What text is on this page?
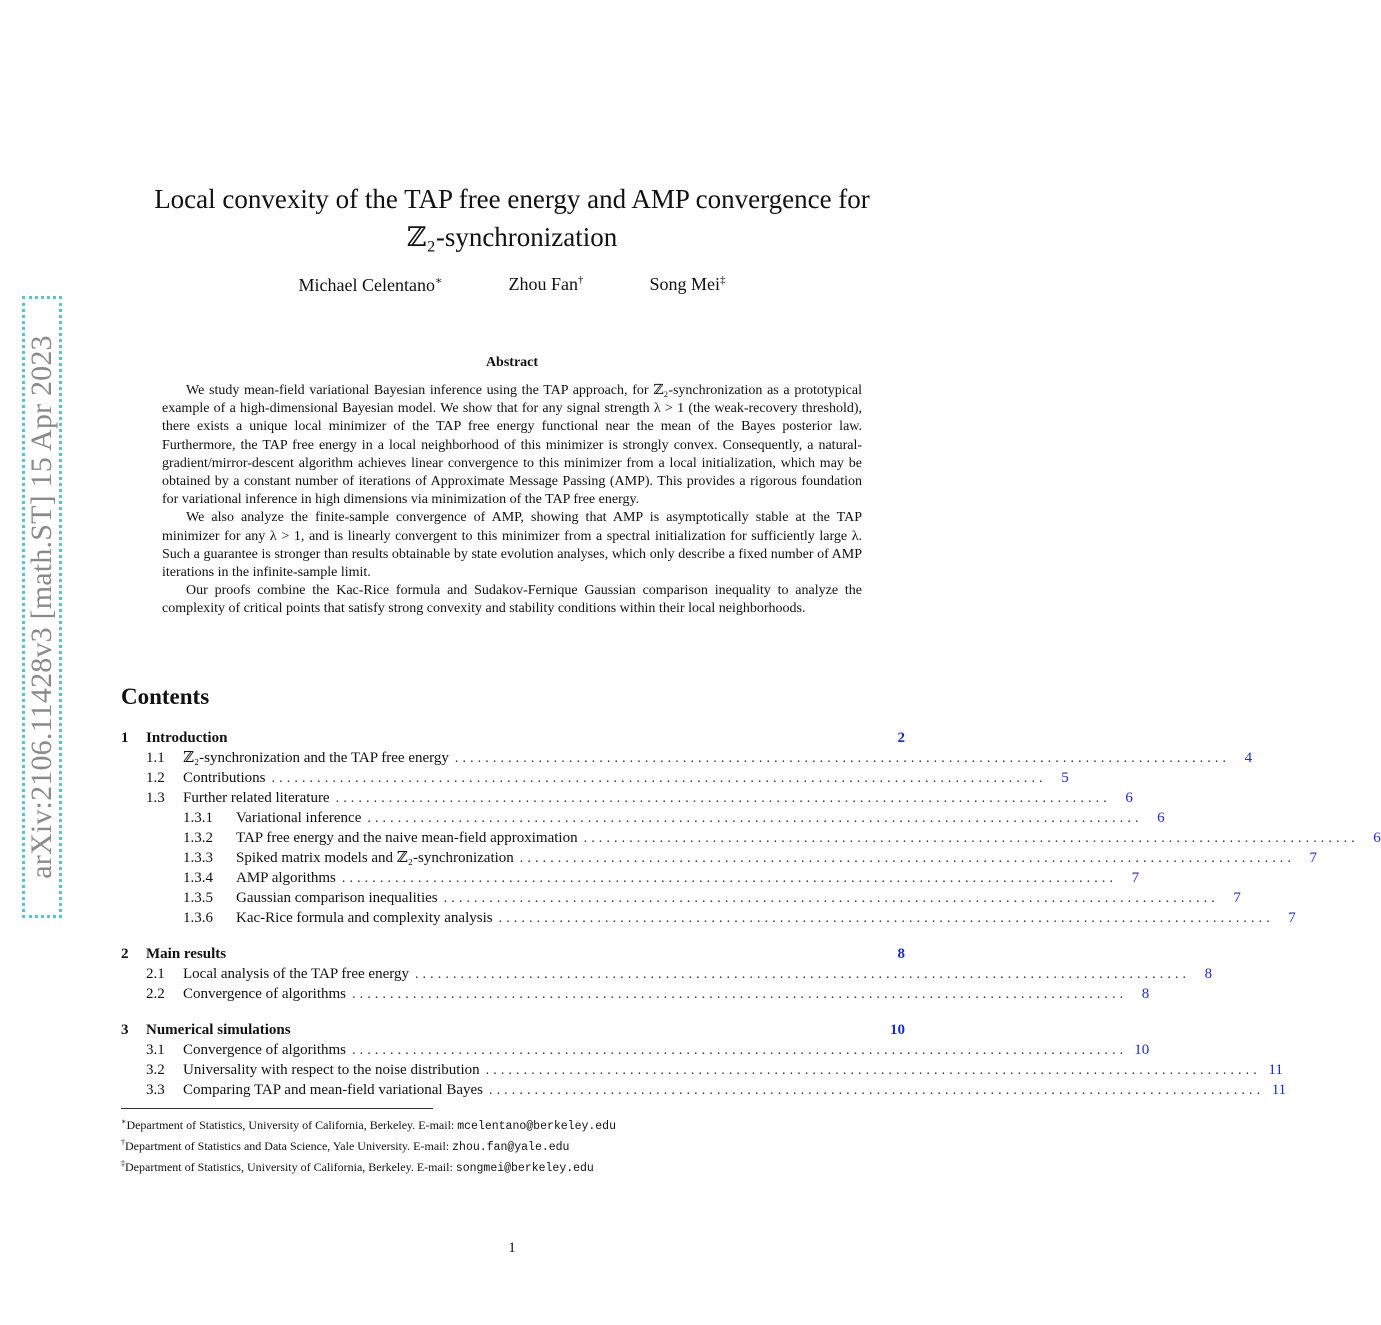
arXiv:2106.11428v3 [math.ST] 15 Apr 2023
Local convexity of the TAP free energy and AMP convergence for
ℤ₂-synchronization
Michael Celentano∗	Zhou Fan†	Song Mei‡
Abstract

We study mean-field variational Bayesian inference using the TAP approach, for ℤ₂-synchronization as a prototypical example of a high-dimensional Bayesian model. We show that for any signal strength λ > 1 (the weak-recovery threshold), there exists a unique local minimizer of the TAP free energy functional near the mean of the Bayes posterior law. Furthermore, the TAP free energy in a local neighborhood of this minimizer is strongly convex. Consequently, a natural-gradient/mirror-descent algorithm achieves linear convergence to this minimizer from a local initialization, which may be obtained by a constant number of iterations of Approximate Message Passing (AMP). This provides a rigorous foundation for variational inference in high dimensions via minimization of the TAP free energy.

We also analyze the finite-sample convergence of AMP, showing that AMP is asymptotically stable at the TAP minimizer for any λ > 1, and is linearly convergent to this minimizer from a spectral initialization for sufficiently large λ. Such a guarantee is stronger than results obtainable by state evolution analyses, which only describe a fixed number of AMP iterations in the infinite-sample limit.

Our proofs combine the Kac-Rice formula and Sudakov-Fernique Gaussian comparison inequality to analyze the complexity of critical points that satisfy strong convexity and stability conditions within their local neighborhoods.

Contents
1	Introduction	2
1.1	ℤ₂-synchronization and the TAP free energy ...................................................................................................... 4
1.2	Contributions ...................................................................................................... 5
1.3	Further related literature ...................................................................................................... 6
1.3.1	Variational inference ...................................................................................................... 6
1.3.2	TAP free energy and the naive mean-field approximation ...................................................................................................... 6
1.3.3	Spiked matrix models and ℤ₂-synchronization ...................................................................................................... 7
1.3.4	AMP algorithms ...................................................................................................... 7
1.3.5	Gaussian comparison inequalities ...................................................................................................... 7
1.3.6	Kac-Rice formula and complexity analysis ...................................................................................................... 7
2	Main results	8
2.1	Local analysis of the TAP free energy ...................................................................................................... 8
2.2	Convergence of algorithms ...................................................................................................... 8
3	Numerical simulations	10
3.1	Convergence of algorithms ...................................................................................................... 10
3.2	Universality with respect to the noise distribution ...................................................................................................... 11
3.3	Comparing TAP and mean-field variational Bayes ...................................................................................................... 11
∗Department of Statistics, University of California, Berkeley. E-mail: mcelentano@berkeley.edu
†Department of Statistics and Data Science, Yale University. E-mail: zhou.fan@yale.edu
‡Department of Statistics, University of California, Berkeley. E-mail: songmei@berkeley.edu
1
